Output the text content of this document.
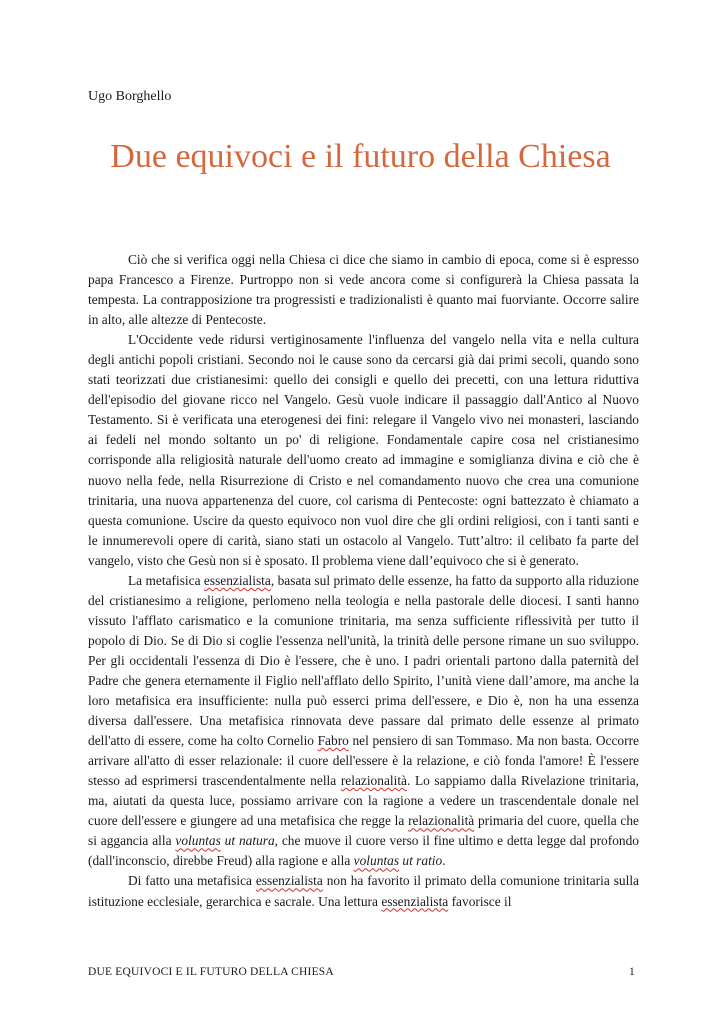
Ugo Borghello
Due equivoci e il futuro della Chiesa

Ciò che si verifica oggi nella Chiesa ci dice che siamo in cambio di epoca, come si è espresso papa Francesco a Firenze. Purtroppo non si vede ancora come si configurerà la Chiesa passata la tempesta. La contrapposizione tra progressisti e tradizionalisti è quanto mai fuorviante. Occorre salire in alto, alle altezze di Pentecoste.

L'Occidente vede ridursi vertiginosamente l'influenza del vangelo nella vita e nella cultura degli antichi popoli cristiani. Secondo noi le cause sono da cercarsi già dai primi secoli, quando sono stati teorizzati due cristianesimi: quello dei consigli e quello dei precetti, con una lettura riduttiva dell'episodio del giovane ricco nel Vangelo. Gesù vuole indicare il passaggio dall'Antico al Nuovo Testamento. Si è verificata una eterogenesi dei fini: relegare il Vangelo vivo nei monasteri, lasciando ai fedeli nel mondo soltanto un po' di religione. Fondamentale capire cosa nel cristianesimo corrisponde alla religiosità naturale dell'uomo creato ad immagine e somiglianza divina e ciò che è nuovo nella fede, nella Risurrezione di Cristo e nel comandamento nuovo che crea una comunione trinitaria, una nuova appartenenza del cuore, col carisma di Pentecoste: ogni battezzato è chiamato a questa comunione. Uscire da questo equivoco non vuol dire che gli ordini religiosi, con i tanti santi e le innumerevoli opere di carità, siano stati un ostacolo al Vangelo. Tutt’altro: il celibato fa parte del vangelo, visto che Gesù non si è sposato. Il problema viene dall’equivoco che si è generato.

La metafisica essenzialista, basata sul primato delle essenze, ha fatto da supporto alla riduzione del cristianesimo a religione, perlomeno nella teologia e nella pastorale delle diocesi. I santi hanno vissuto l'afflato carismatico e la comunione trinitaria, ma senza sufficiente riflessività per tutto il popolo di Dio. Se di Dio si coglie l'essenza nell'unità, la trinità delle persone rimane un suo sviluppo. Per gli occidentali l'essenza di Dio è l'essere, che è uno. I padri orientali partono dalla paternità del Padre che genera eternamente il Figlio nell'afflato dello Spirito, l’unità viene dall’amore, ma anche la loro metafisica era insufficiente: nulla può esserci prima dell'essere, e Dio è, non ha una essenza diversa dall'essere. Una metafisica rinnovata deve passare dal primato delle essenze al primato dell'atto di essere, come ha colto Cornelio Fabro nel pensiero di san Tommaso. Ma non basta. Occorre arrivare all'atto di esser relazionale: il cuore dell'essere è la relazione, e ciò fonda l'amore! È l'essere stesso ad esprimersi trascendentalmente nella relazionalità. Lo sappiamo dalla Rivelazione trinitaria, ma, aiutati da questa luce, possiamo arrivare con la ragione a vedere un trascendentale donale nel cuore dell'essere e giungere ad una metafisica che regge la relazionalità primaria del cuore, quella che si aggancia alla voluntas ut natura, che muove il cuore verso il fine ultimo e detta legge dal profondo (dall'inconscio, direbbe Freud) alla ragione e alla voluntas ut ratio.

Di fatto una metafisica essenzialista non ha favorito il primato della comunione trinitaria sulla istituzione ecclesiale, gerarchica e sacrale. Una lettura essenzialista favorisce il

DUE EQUIVOCI E IL FUTURO DELLA CHIESA	1
